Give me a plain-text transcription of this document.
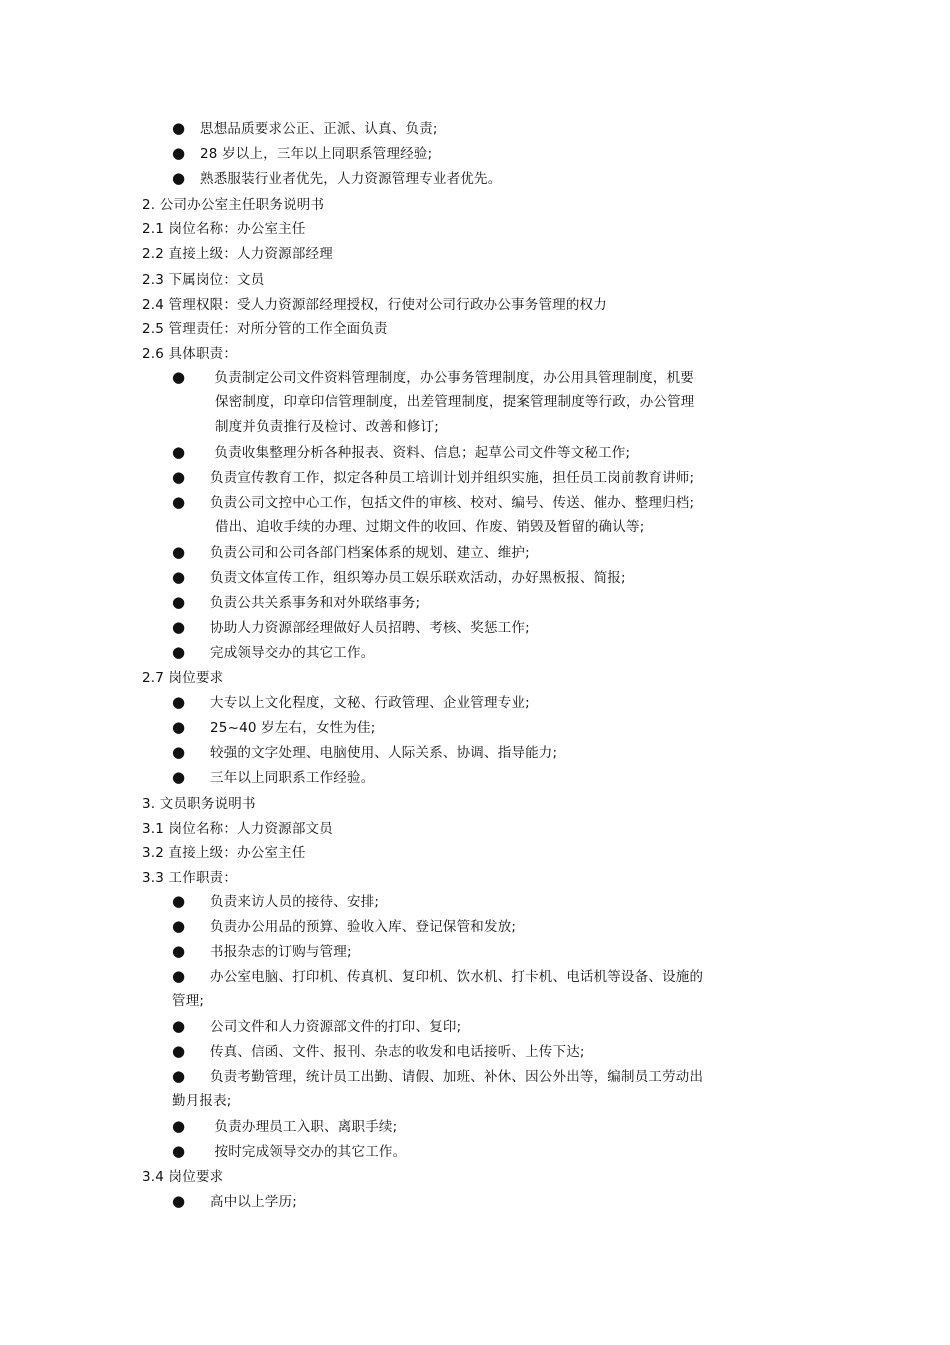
● 思想品质要求公正、正派、认真、负责;
● 28 岁以上，三年以上同职系管理经验;
● 熟悉服装行业者优先，人力资源管理专业者优先。
2. 公司办公室主任职务说明书
2.1 岗位名称：办公室主任
2.2 直接上级：人力资源部经理
2.3 下属岗位：文员
2.4 管理权限：受人力资源部经理授权，行使对公司行政办公事务管理的权力
2.5 管理责任：对所分管的工作全面负责
2.6 具体职责：
● 负责制定公司文件资料管理制度，办公事务管理制度，办公用具管理制度，机要
保密制度，印章印信管理制度，出差管理制度，提案管理制度等行政，办公管理
制度并负责推行及检讨、改善和修订;
● 负责收集整理分析各种报表、资料、信息；起草公司文件等文秘工作;
● 负责宣传教育工作，拟定各种员工培训计划并组织实施，担任员工岗前教育讲师;
● 负责公司文控中心工作，包括文件的审核、校对、编号、传送、催办、整理归档;
借出、追收手续的办理、过期文件的收回、作废、销毁及暂留的确认等;
● 负责公司和公司各部门档案体系的规划、建立、维护;
● 负责文体宣传工作，组织筹办员工娱乐联欢活动，办好黑板报、简报;
● 负责公共关系事务和对外联络事务;
● 协助人力资源部经理做好人员招聘、考核、奖惩工作;
● 完成领导交办的其它工作。
2.7 岗位要求
● 大专以上文化程度，文秘、行政管理、企业管理专业;
● 25~40 岁左右，女性为佳;
● 较强的文字处理、电脑使用、人际关系、协调、指导能力;
● 三年以上同职系工作经验。
3. 文员职务说明书
3.1 岗位名称：人力资源部文员
3.2 直接上级：办公室主任
3.3 工作职责：
● 负责来访人员的接待、安排;
● 负责办公用品的预算、验收入库、登记保管和发放;
● 书报杂志的订购与管理;
● 办公室电脑、打印机、传真机、复印机、饮水机、打卡机、电话机等设备、设施的
管理;
● 公司文件和人力资源部文件的打印、复印;
● 传真、信函、文件、报刊、杂志的收发和电话接听、上传下达;
● 负责考勤管理，统计员工出勤、请假、加班、补休、因公外出等，编制员工劳动出
勤月报表;
● 负责办理员工入职、离职手续;
● 按时完成领导交办的其它工作。
3.4 岗位要求
● 高中以上学历;
